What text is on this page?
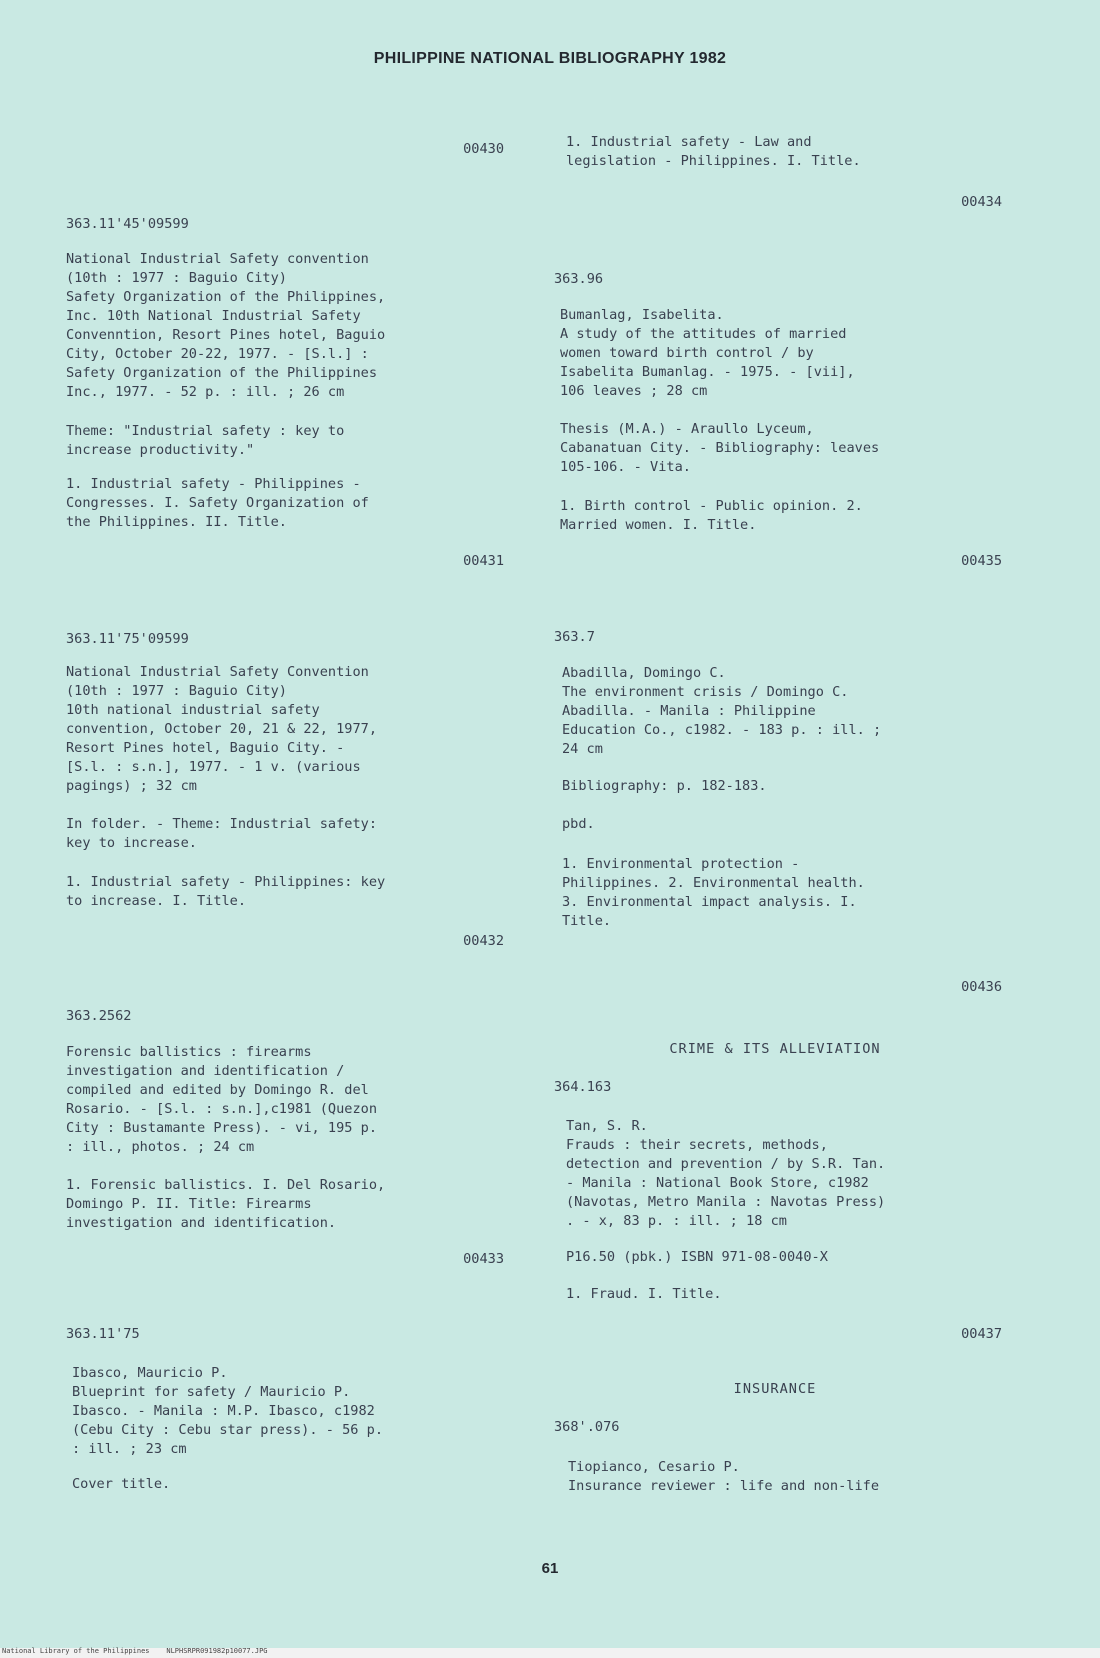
PHILIPPINE NATIONAL BIBLIOGRAPHY 1982
00430
363.11'45'09599
National Industrial Safety convention
(10th : 1977 : Baguio City)
Safety Organization of the Philippines,
Inc. 10th National Industrial Safety
Convenntion, Resort Pines hotel, Baguio
City, October 20-22, 1977. - [S.l.] :
Safety Organization of the Philippines
Inc., 1977. - 52 p. : ill. ; 26 cm
Theme: "Industrial safety : key to
increase productivity."
1. Industrial safety - Philippines -
Congresses. I. Safety Organization of
the Philippines. II. Title.
00431
363.11'75'09599
National Industrial Safety Convention
(10th : 1977 : Baguio City)
10th national industrial safety
convention, October 20, 21 & 22, 1977,
Resort Pines hotel, Baguio City. -
[S.l. : s.n.], 1977. - 1 v. (various
pagings) ; 32 cm
In folder. - Theme: Industrial safety:
key to increase.
1. Industrial safety - Philippines: key
to increase. I. Title.
00432
363.2562
Forensic ballistics : firearms
investigation and identification /
compiled and edited by Domingo R. del
Rosario. - [S.l. : s.n.],c1981 (Quezon
City : Bustamante Press). - vi, 195 p.
: ill., photos. ; 24 cm
1. Forensic ballistics. I. Del Rosario,
Domingo P. II. Title: Firearms
investigation and identification.
00433
363.11'75
Ibasco, Mauricio P.
Blueprint for safety / Mauricio P.
Ibasco. - Manila : M.P. Ibasco, c1982
(Cebu City : Cebu star press). - 56 p.
: ill. ; 23 cm
Cover title.
1. Industrial safety - Law and
legislation - Philippines. I. Title.
00434
363.96
Bumanlag, Isabelita.
A study of the attitudes of married
women toward birth control / by
Isabelita Bumanlag. - 1975. - [vii],
106 leaves ; 28 cm
Thesis (M.A.) - Araullo Lyceum,
Cabanatuan City. - Bibliography: leaves
105-106. - Vita.
1. Birth control - Public opinion. 2.
Married women. I. Title.
00435
363.7
Abadilla, Domingo C.
The environment crisis / Domingo C.
Abadilla. - Manila : Philippine
Education Co., c1982. - 183 p. : ill. ;
24 cm
Bibliography: p. 182-183.
pbd.
1. Environmental protection -
Philippines. 2. Environmental health.
3. Environmental impact analysis. I.
Title.
00436
CRIME & ITS ALLEVIATION
364.163
Tan, S. R.
Frauds : their secrets, methods,
detection and prevention / by S.R. Tan.
- Manila : National Book Store, c1982
(Navotas, Metro Manila : Navotas Press)
. - x, 83 p. : ill. ; 18 cm
P16.50 (pbk.) ISBN 971-08-0040-X
1. Fraud. I. Title.
00437
INSURANCE
368'.076
Tiopianco, Cesario P.
Insurance reviewer : life and non-life
61
National Library of the Philippines    NLPHSRPR091982p10077.JPG
